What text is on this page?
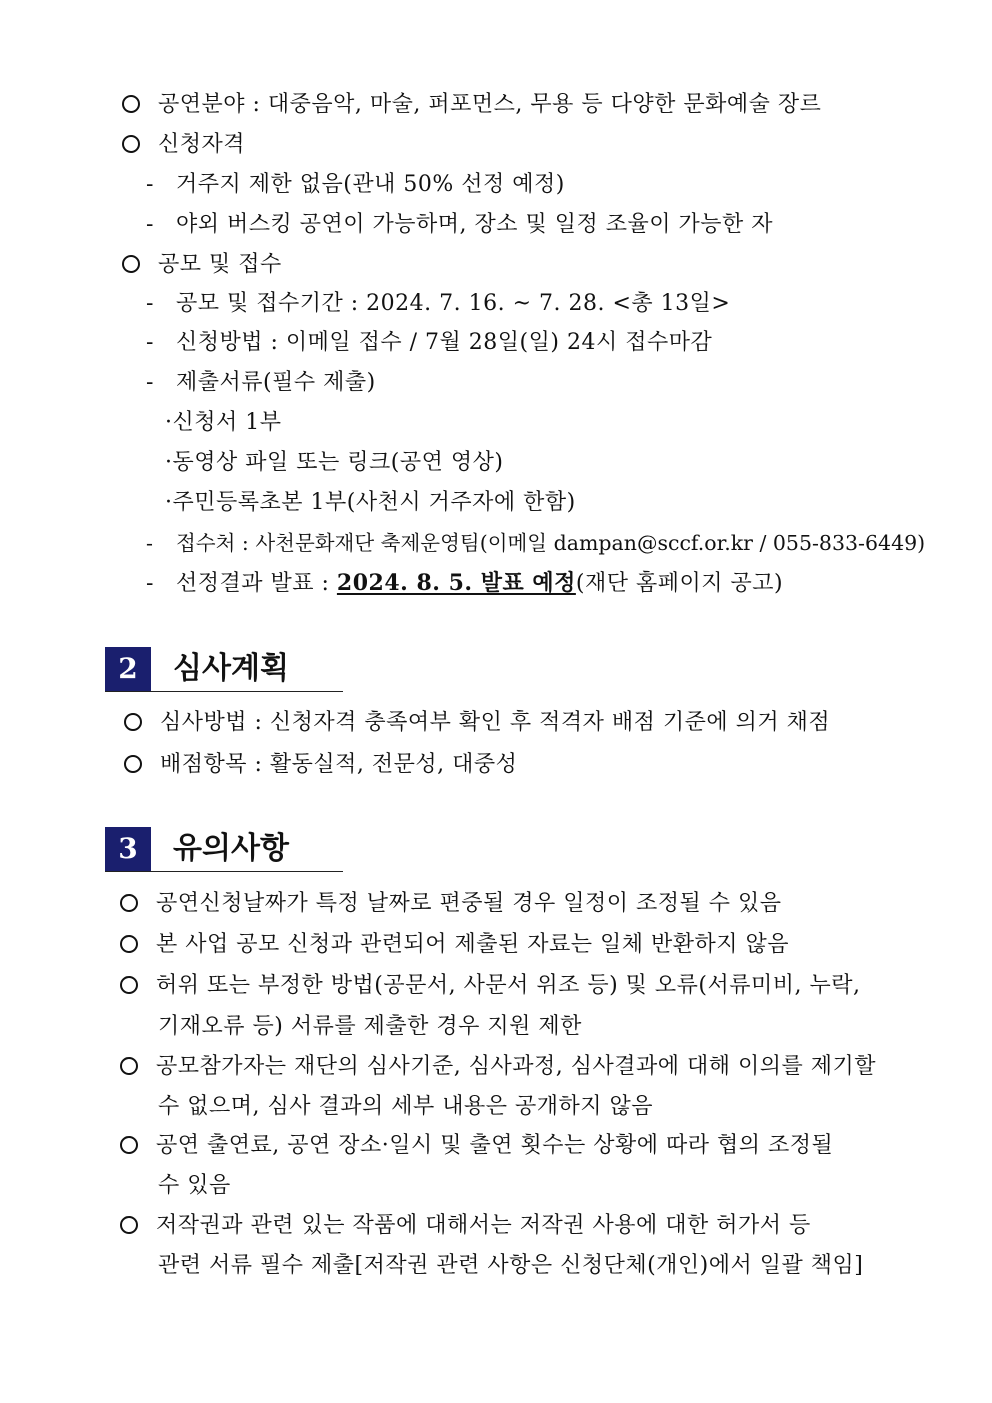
공연분야 : 대중음악, 마술, 퍼포먼스, 무용 등 다양한 문화예술 장르
신청자격
- 거주지 제한 없음(관내 50% 선정 예정)
- 야외 버스킹 공연이 가능하며, 장소 및 일정 조율이 가능한 자
공모 및 접수
- 공모 및 접수기간 : 2024. 7. 16. ~ 7. 28. <총 13일>
- 신청방법 : 이메일 접수 / 7월 28일(일) 24시 접수마감
- 제출서류(필수 제출)
·신청서 1부
·동영상 파일 또는 링크(공연 영상)
·주민등록초본 1부(사천시 거주자에 한함)
- 접수처 : 사천문화재단 축제운영팀(이메일 dampan@sccf.or.kr / 055-833-6449)
- 선정결과 발표 : 2024. 8. 5. 발표 예정(재단 홈페이지 공고)
2	심사계획
심사방법 : 신청자격 충족여부 확인 후 적격자 배점 기준에 의거 채점
배점항목 : 활동실적, 전문성, 대중성
3	유의사항
공연신청날짜가 특정 날짜로 편중될 경우 일정이 조정될 수 있음
본 사업 공모 신청과 관련되어 제출된 자료는 일체 반환하지 않음
허위 또는 부정한 방법(공문서, 사문서 위조 등) 및 오류(서류미비, 누락,
기재오류 등) 서류를 제출한 경우 지원 제한
공모참가자는 재단의 심사기준, 심사과정, 심사결과에 대해 이의를 제기할
수 없으며, 심사 결과의 세부 내용은 공개하지 않음
공연 출연료, 공연 장소·일시 및 출연 횟수는 상황에 따라 협의 조정될
수 있음
저작권과 관련 있는 작품에 대해서는 저작권 사용에 대한 허가서 등
관련 서류 필수 제출[저작권 관련 사항은 신청단체(개인)에서 일괄 책임]
